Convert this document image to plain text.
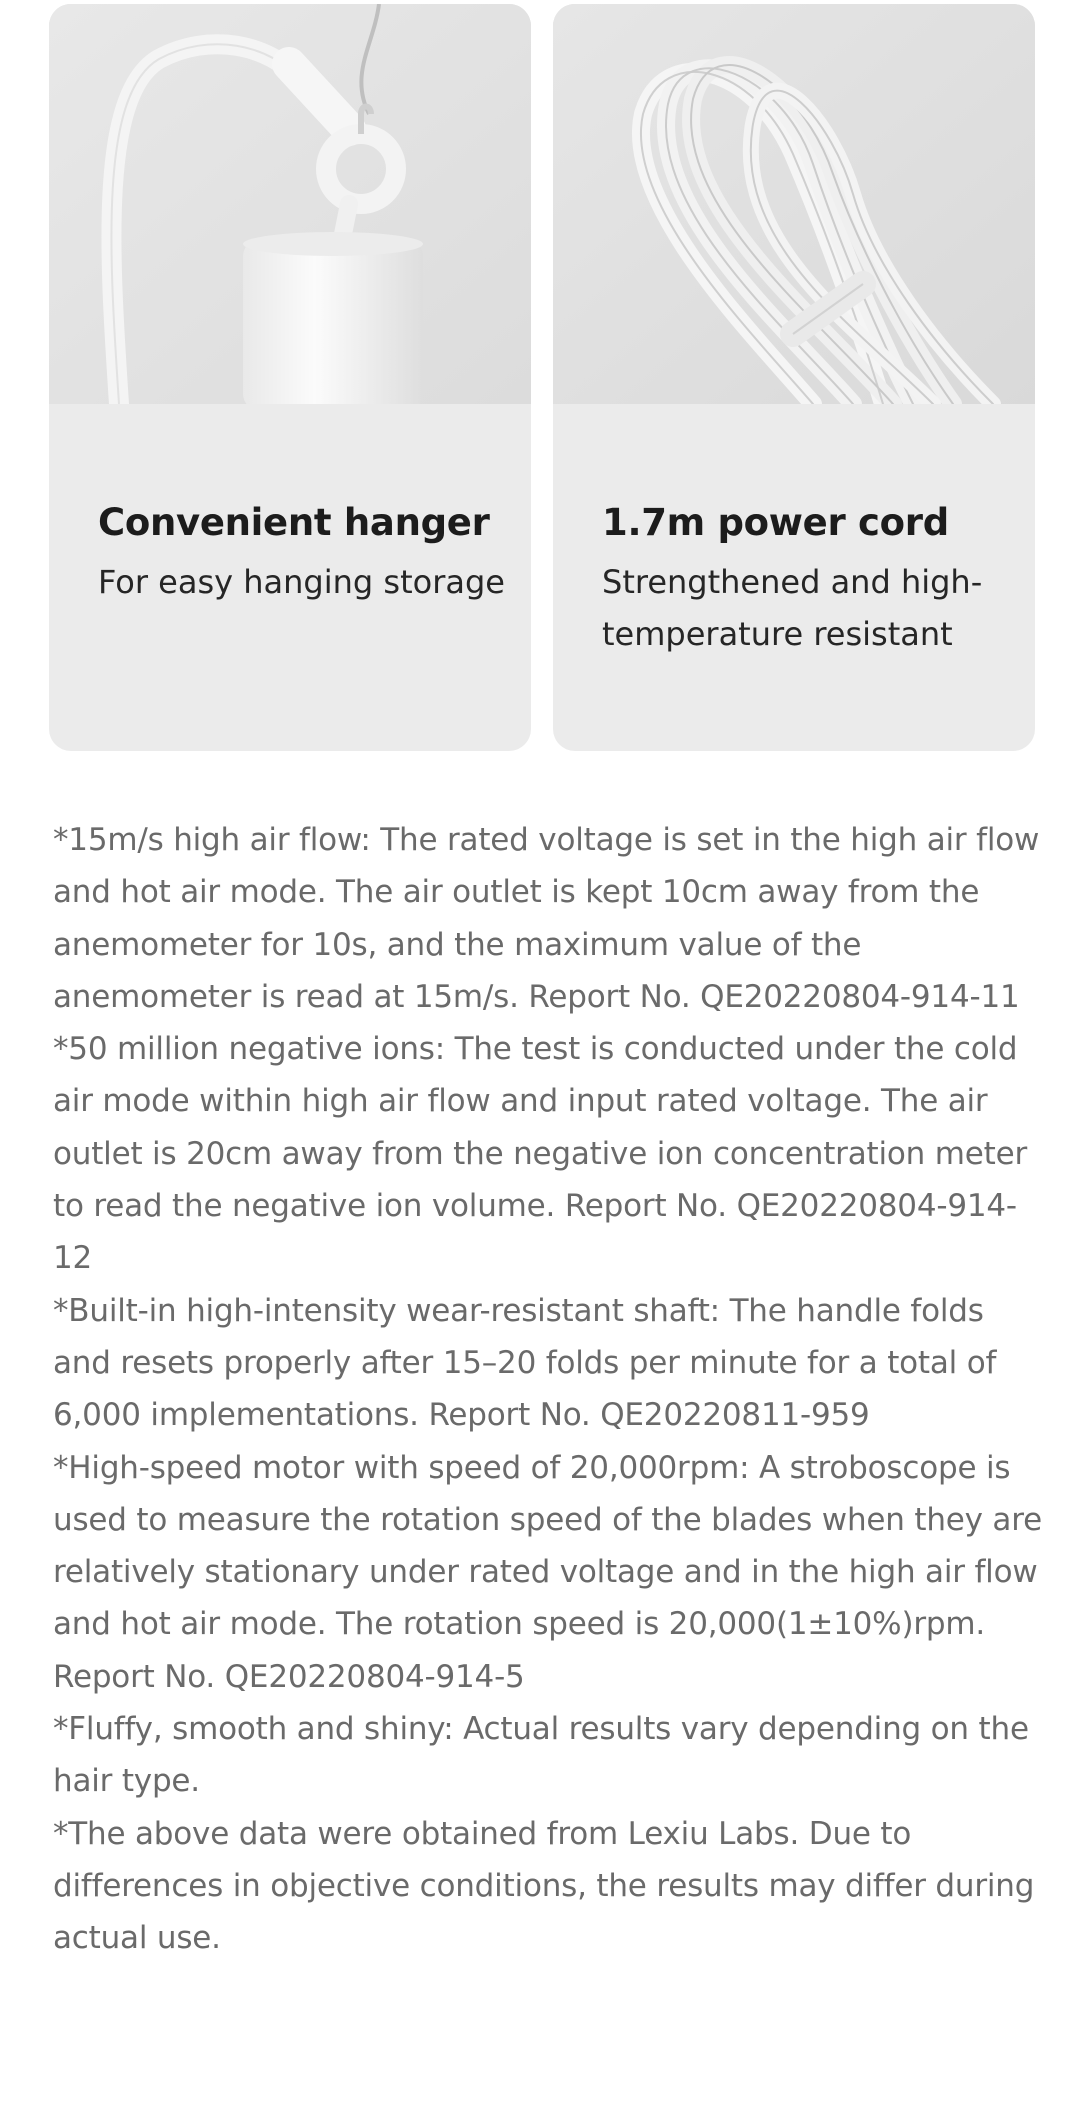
Convenient hanger
For easy hanging storage
1.7m power cord
Strengthened and high-temperature resistant

*15m/s high air flow: The rated voltage is set in the high air flow and hot air mode. The air outlet is kept 10cm away from the anemometer for 10s, and the maximum value of the anemometer is read at 15m/s. Report No. QE20220804-914-11

*50 million negative ions: The test is conducted under the cold air mode within high air flow and input rated voltage. The air outlet is 20cm away from the negative ion concentration meter to read the negative ion volume. Report No. QE20220804-914-12

*Built-in high-intensity wear-resistant shaft: The handle folds and resets properly after 15–20 folds per minute for a total of 6,000 implementations. Report No. QE20220811-959

*High-speed motor with speed of 20,000rpm: A stroboscope is used to measure the rotation speed of the blades when they are relatively stationary under rated voltage and in the high air flow and hot air mode. The rotation speed is 20,000(1±10%)rpm. Report No. QE20220804-914-5

*Fluffy, smooth and shiny: Actual results vary depending on the hair type.

*The above data were obtained from Lexiu Labs. Due to differences in objective conditions, the results may differ during actual use.
